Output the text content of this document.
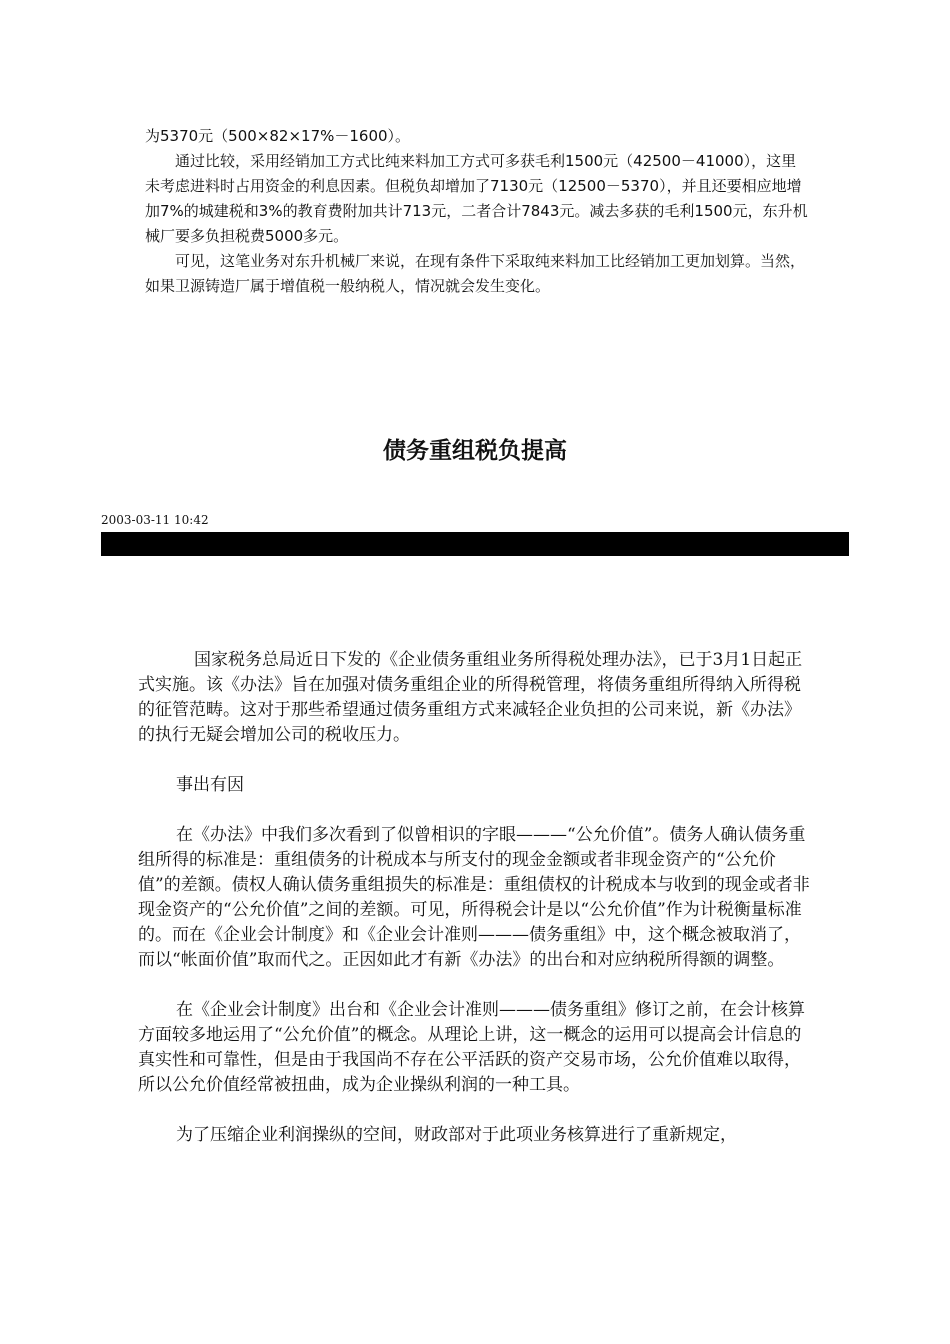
为5370元（500×82×17%－1600）。

通过比较，采用经销加工方式比纯来料加工方式可多获毛利1500元（42500－41000），这里未考虑进料时占用资金的利息因素。但税负却增加了7130元（12500－5370），并且还要相应地增加7%的城建税和3%的教育费附加共计713元，二者合计7843元。减去多获的毛利1500元，东升机械厂要多负担税费5000多元。

可见，这笔业务对东升机械厂来说，在现有条件下采取纯来料加工比经销加工更加划算。当然，如果卫源铸造厂属于增值税一般纳税人，情况就会发生变化。

债务重组税负提高
2003-03-11 10:42

国家税务总局近日下发的《企业债务重组业务所得税处理办法》，已于3月1日起正式实施。该《办法》旨在加强对债务重组企业的所得税管理，将债务重组所得纳入所得税的征管范畴。这对于那些希望通过债务重组方式来减轻企业负担的公司来说，新《办法》的执行无疑会增加公司的税收压力。

事出有因

在《办法》中我们多次看到了似曾相识的字眼———“公允价值”。债务人确认债务重组所得的标准是：重组债务的计税成本与所支付的现金金额或者非现金资产的“公允价值”的差额。债权人确认债务重组损失的标准是：重组债权的计税成本与收到的现金或者非现金资产的“公允价值”之间的差额。可见，所得税会计是以“公允价值”作为计税衡量标准的。而在《企业会计制度》和《企业会计准则———债务重组》中，这个概念被取消了，而以“帐面价值”取而代之。正因如此才有新《办法》的出台和对应纳税所得额的调整。

在《企业会计制度》出台和《企业会计准则———债务重组》修订之前，在会计核算方面较多地运用了“公允价值”的概念。从理论上讲，这一概念的运用可以提高会计信息的真实性和可靠性，但是由于我国尚不存在公平活跃的资产交易市场，公允价值难以取得，所以公允价值经常被扭曲，成为企业操纵利润的一种工具。

为了压缩企业利润操纵的空间，财政部对于此项业务核算进行了重新规定，
